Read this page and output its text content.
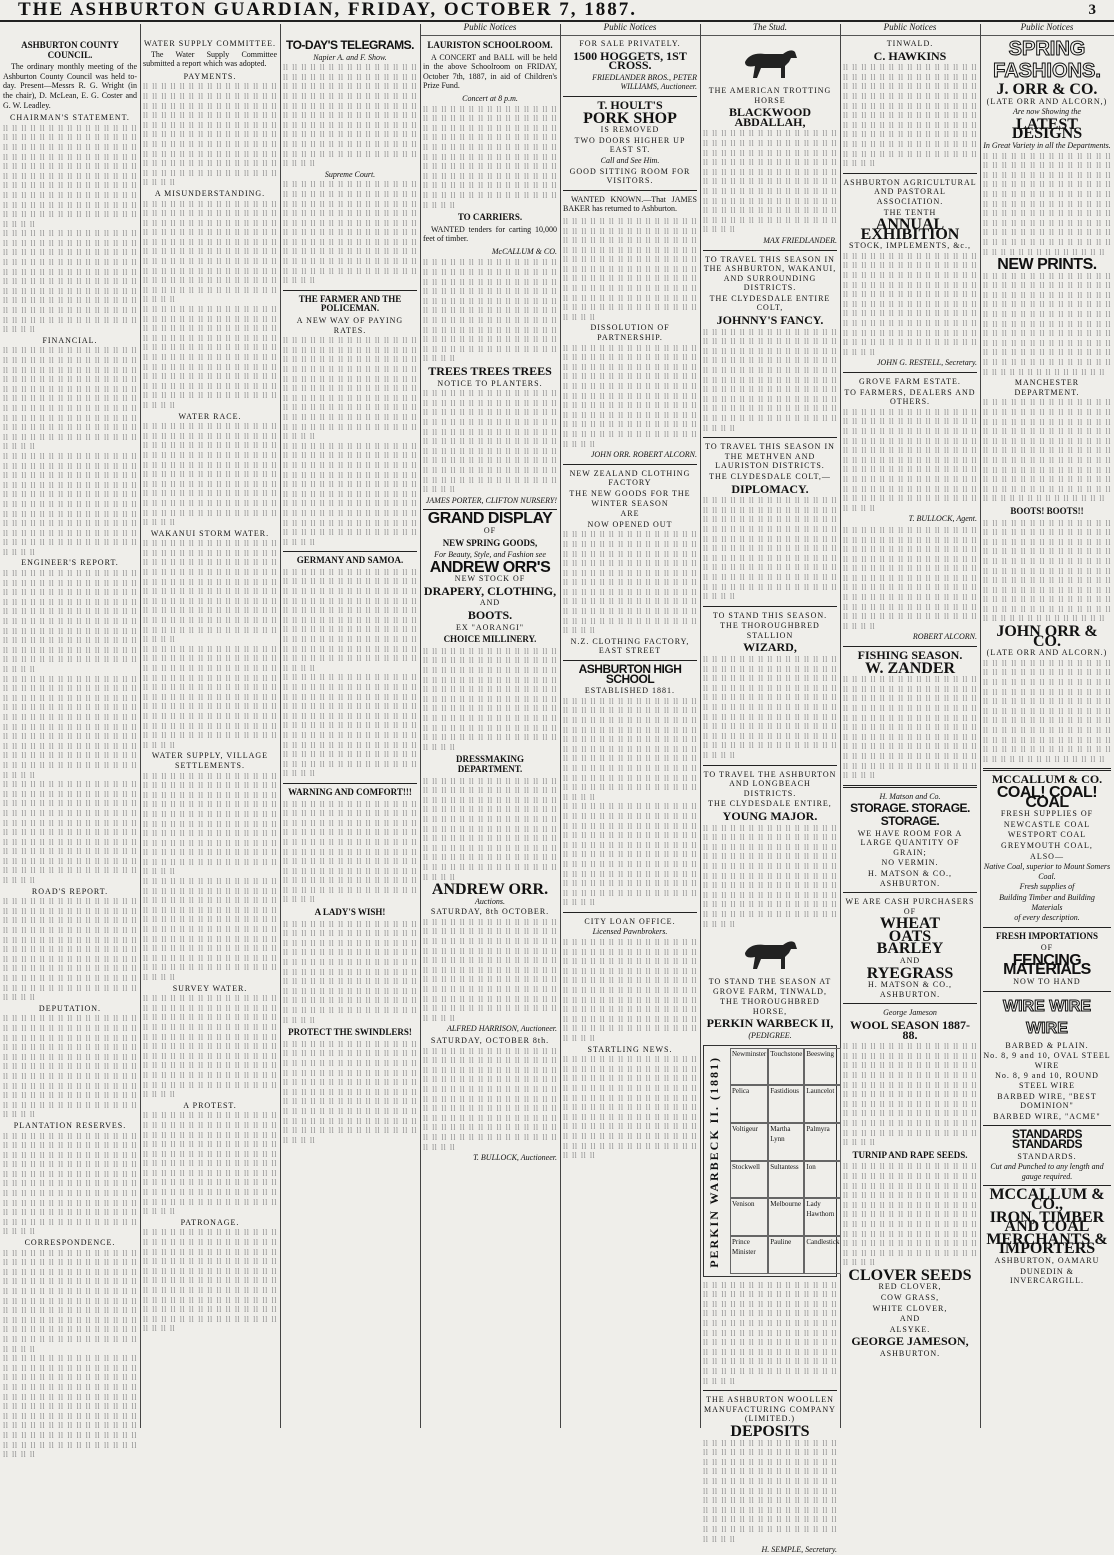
THE ASHBURTON GUARDIAN, FRIDAY, OCTOBER 7, 1887.	3
Public Notices	Public Notices	The Stud.	Public Notices	Public Notices
ASHBURTON COUNTY COUNCIL.
The ordinary monthly meeting of the Ashburton County Council was held to-day. Present—Messrs R. G. Wright (in the chair), D. McLean, E. G. Coster and G. W. Leadley.
CHAIRMAN'S STATEMENT.
ll ll ll ll ll ll ll ll ll ll ll ll ll ll ll ll ll ll ll ll ll ll ll ll ll ll ll ll ll ll ll ll ll ll ll ll ll ll ll ll ll ll ll ll ll ll ll ll ll ll ll ll ll ll ll ll ll ll ll ll ll ll ll ll ll ll ll ll ll ll ll ll ll ll ll ll ll ll ll ll ll ll ll ll ll ll ll ll ll ll ll ll ll ll ll ll ll ll ll ll ll ll ll ll ll ll ll ll ll ll ll ll ll ll ll ll ll ll ll ll ll ll ll ll ll ll ll ll ll ll ll ll ll ll ll ll ll ll ll ll ll ll ll ll ll ll ll ll ll ll ll ll ll ll
ll ll ll ll ll ll ll ll ll ll ll ll ll ll ll ll ll ll ll ll ll ll ll ll ll ll ll ll ll ll ll ll ll ll ll ll ll ll ll ll ll ll ll ll ll ll ll ll ll ll ll ll ll ll ll ll ll ll ll ll ll ll ll ll ll ll ll ll ll ll ll ll ll ll ll ll ll ll ll ll ll ll ll ll ll ll ll ll ll ll ll ll ll ll ll ll ll ll ll ll ll ll ll ll ll ll ll ll ll ll ll ll ll ll ll ll ll ll ll ll ll ll ll ll ll ll ll ll ll ll ll ll ll ll ll ll ll ll ll ll ll ll ll ll ll ll ll ll ll ll ll ll ll ll
FINANCIAL.
ll ll ll ll ll ll ll ll ll ll ll ll ll ll ll ll ll ll ll ll ll ll ll ll ll ll ll ll ll ll ll ll ll ll ll ll ll ll ll ll ll ll ll ll ll ll ll ll ll ll ll ll ll ll ll ll ll ll ll ll ll ll ll ll ll ll ll ll ll ll ll ll ll ll ll ll ll ll ll ll ll ll ll ll ll ll ll ll ll ll ll ll ll ll ll ll ll ll ll ll ll ll ll ll ll ll ll ll ll ll ll ll ll ll ll ll ll ll ll ll ll ll ll ll ll ll ll ll ll ll ll ll ll ll ll ll ll ll ll ll ll ll ll ll ll ll ll ll ll ll ll ll ll ll
ll ll ll ll ll ll ll ll ll ll ll ll ll ll ll ll ll ll ll ll ll ll ll ll ll ll ll ll ll ll ll ll ll ll ll ll ll ll ll ll ll ll ll ll ll ll ll ll ll ll ll ll ll ll ll ll ll ll ll ll ll ll ll ll ll ll ll ll ll ll ll ll ll ll ll ll ll ll ll ll ll ll ll ll ll ll ll ll ll ll ll ll ll ll ll ll ll ll ll ll ll ll ll ll ll ll ll ll ll ll ll ll ll ll ll ll ll ll ll ll ll ll ll ll ll ll ll ll ll ll ll ll ll ll ll ll ll ll ll ll ll ll ll ll ll ll ll ll ll ll ll ll ll ll
ENGINEER'S REPORT.
ll ll ll ll ll ll ll ll ll ll ll ll ll ll ll ll ll ll ll ll ll ll ll ll ll ll ll ll ll ll ll ll ll ll ll ll ll ll ll ll ll ll ll ll ll ll ll ll ll ll ll ll ll ll ll ll ll ll ll ll ll ll ll ll ll ll ll ll ll ll ll ll ll ll ll ll ll ll ll ll ll ll ll ll ll ll ll ll ll ll ll ll ll ll ll ll ll ll ll ll ll ll ll ll ll ll ll ll ll ll ll ll ll ll ll ll ll ll ll ll ll ll ll ll ll ll ll ll ll ll ll ll ll ll ll ll ll ll ll ll ll ll ll ll ll ll ll ll ll ll ll ll ll ll
ll ll ll ll ll ll ll ll ll ll ll ll ll ll ll ll ll ll ll ll ll ll ll ll ll ll ll ll ll ll ll ll ll ll ll ll ll ll ll ll ll ll ll ll ll ll ll ll ll ll ll ll ll ll ll ll ll ll ll ll ll ll ll ll ll ll ll ll ll ll ll ll ll ll ll ll ll ll ll ll ll ll ll ll ll ll ll ll ll ll ll ll ll ll ll ll ll ll ll ll ll ll ll ll ll ll ll ll ll ll ll ll ll ll ll ll ll ll ll ll ll ll ll ll ll ll ll ll ll ll ll ll ll ll ll ll ll ll ll ll ll ll ll ll ll ll ll ll ll ll ll ll ll ll
ll ll ll ll ll ll ll ll ll ll ll ll ll ll ll ll ll ll ll ll ll ll ll ll ll ll ll ll ll ll ll ll ll ll ll ll ll ll ll ll ll ll ll ll ll ll ll ll ll ll ll ll ll ll ll ll ll ll ll ll ll ll ll ll ll ll ll ll ll ll ll ll ll ll ll ll ll ll ll ll ll ll ll ll ll ll ll ll ll ll ll ll ll ll ll ll ll ll ll ll ll ll ll ll ll ll ll ll ll ll ll ll ll ll ll ll ll ll ll ll ll ll ll ll ll ll ll ll ll ll ll ll ll ll ll ll ll ll ll ll ll ll ll ll ll ll ll ll ll ll ll ll ll ll
ROAD'S REPORT.
ll ll ll ll ll ll ll ll ll ll ll ll ll ll ll ll ll ll ll ll ll ll ll ll ll ll ll ll ll ll ll ll ll ll ll ll ll ll ll ll ll ll ll ll ll ll ll ll ll ll ll ll ll ll ll ll ll ll ll ll ll ll ll ll ll ll ll ll ll ll ll ll ll ll ll ll ll ll ll ll ll ll ll ll ll ll ll ll ll ll ll ll ll ll ll ll ll ll ll ll ll ll ll ll ll ll ll ll ll ll ll ll ll ll ll ll ll ll ll ll ll ll ll ll ll ll ll ll ll ll ll ll ll ll ll ll ll ll ll ll ll ll ll ll ll ll ll ll ll ll ll ll ll ll
DEPUTATION.
ll ll ll ll ll ll ll ll ll ll ll ll ll ll ll ll ll ll ll ll ll ll ll ll ll ll ll ll ll ll ll ll ll ll ll ll ll ll ll ll ll ll ll ll ll ll ll ll ll ll ll ll ll ll ll ll ll ll ll ll ll ll ll ll ll ll ll ll ll ll ll ll ll ll ll ll ll ll ll ll ll ll ll ll ll ll ll ll ll ll ll ll ll ll ll ll ll ll ll ll ll ll ll ll ll ll ll ll ll ll ll ll ll ll ll ll ll ll ll ll ll ll ll ll ll ll ll ll ll ll ll ll ll ll ll ll ll ll ll ll ll ll ll ll ll ll ll ll ll ll ll ll ll ll
PLANTATION RESERVES.
ll ll ll ll ll ll ll ll ll ll ll ll ll ll ll ll ll ll ll ll ll ll ll ll ll ll ll ll ll ll ll ll ll ll ll ll ll ll ll ll ll ll ll ll ll ll ll ll ll ll ll ll ll ll ll ll ll ll ll ll ll ll ll ll ll ll ll ll ll ll ll ll ll ll ll ll ll ll ll ll ll ll ll ll ll ll ll ll ll ll ll ll ll ll ll ll ll ll ll ll ll ll ll ll ll ll ll ll ll ll ll ll ll ll ll ll ll ll ll ll ll ll ll ll ll ll ll ll ll ll ll ll ll ll ll ll ll ll ll ll ll ll ll ll ll ll ll ll ll ll ll ll ll ll
CORRESPONDENCE.
ll ll ll ll ll ll ll ll ll ll ll ll ll ll ll ll ll ll ll ll ll ll ll ll ll ll ll ll ll ll ll ll ll ll ll ll ll ll ll ll ll ll ll ll ll ll ll ll ll ll ll ll ll ll ll ll ll ll ll ll ll ll ll ll ll ll ll ll ll ll ll ll ll ll ll ll ll ll ll ll ll ll ll ll ll ll ll ll ll ll ll ll ll ll ll ll ll ll ll ll ll ll ll ll ll ll ll ll ll ll ll ll ll ll ll ll ll ll ll ll ll ll ll ll ll ll ll ll ll ll ll ll ll ll ll ll ll ll ll ll ll ll ll ll ll ll ll ll ll ll ll ll ll ll
ll ll ll ll ll ll ll ll ll ll ll ll ll ll ll ll ll ll ll ll ll ll ll ll ll ll ll ll ll ll ll ll ll ll ll ll ll ll ll ll ll ll ll ll ll ll ll ll ll ll ll ll ll ll ll ll ll ll ll ll ll ll ll ll ll ll ll ll ll ll ll ll ll ll ll ll ll ll ll ll ll ll ll ll ll ll ll ll ll ll ll ll ll ll ll ll ll ll ll ll ll ll ll ll ll ll ll ll ll ll ll ll ll ll ll ll ll ll ll ll ll ll ll ll ll ll ll ll ll ll ll ll ll ll ll ll ll ll ll ll ll ll ll ll ll ll ll ll ll ll ll ll ll ll
WATER SUPPLY COMMITTEE.
The Water Supply Committee submitted a report which was adopted.
PAYMENTS.
ll ll ll ll ll ll ll ll ll ll ll ll ll ll ll ll ll ll ll ll ll ll ll ll ll ll ll ll ll ll ll ll ll ll ll ll ll ll ll ll ll ll ll ll ll ll ll ll ll ll ll ll ll ll ll ll ll ll ll ll ll ll ll ll ll ll ll ll ll ll ll ll ll ll ll ll ll ll ll ll ll ll ll ll ll ll ll ll ll ll ll ll ll ll ll ll ll ll ll ll ll ll ll ll ll ll ll ll ll ll ll ll ll ll ll ll ll ll ll ll ll ll ll ll ll ll ll ll ll ll ll ll ll ll ll ll ll ll ll ll ll ll ll ll ll ll ll ll ll ll ll ll ll ll
A MISUNDERSTANDING.
ll ll ll ll ll ll ll ll ll ll ll ll ll ll ll ll ll ll ll ll ll ll ll ll ll ll ll ll ll ll ll ll ll ll ll ll ll ll ll ll ll ll ll ll ll ll ll ll ll ll ll ll ll ll ll ll ll ll ll ll ll ll ll ll ll ll ll ll ll ll ll ll ll ll ll ll ll ll ll ll ll ll ll ll ll ll ll ll ll ll ll ll ll ll ll ll ll ll ll ll ll ll ll ll ll ll ll ll ll ll ll ll ll ll ll ll ll ll ll ll ll ll ll ll ll ll ll ll ll ll ll ll ll ll ll ll ll ll ll ll ll ll ll ll ll ll ll ll ll ll ll ll ll ll
ll ll ll ll ll ll ll ll ll ll ll ll ll ll ll ll ll ll ll ll ll ll ll ll ll ll ll ll ll ll ll ll ll ll ll ll ll ll ll ll ll ll ll ll ll ll ll ll ll ll ll ll ll ll ll ll ll ll ll ll ll ll ll ll ll ll ll ll ll ll ll ll ll ll ll ll ll ll ll ll ll ll ll ll ll ll ll ll ll ll ll ll ll ll ll ll ll ll ll ll ll ll ll ll ll ll ll ll ll ll ll ll ll ll ll ll ll ll ll ll ll ll ll ll ll ll ll ll ll ll ll ll ll ll ll ll ll ll ll ll ll ll ll ll ll ll ll ll ll ll ll ll ll ll
WATER RACE.
ll ll ll ll ll ll ll ll ll ll ll ll ll ll ll ll ll ll ll ll ll ll ll ll ll ll ll ll ll ll ll ll ll ll ll ll ll ll ll ll ll ll ll ll ll ll ll ll ll ll ll ll ll ll ll ll ll ll ll ll ll ll ll ll ll ll ll ll ll ll ll ll ll ll ll ll ll ll ll ll ll ll ll ll ll ll ll ll ll ll ll ll ll ll ll ll ll ll ll ll ll ll ll ll ll ll ll ll ll ll ll ll ll ll ll ll ll ll ll ll ll ll ll ll ll ll ll ll ll ll ll ll ll ll ll ll ll ll ll ll ll ll ll ll ll ll ll ll ll ll ll ll ll ll
WAKANUI STORM WATER.
ll ll ll ll ll ll ll ll ll ll ll ll ll ll ll ll ll ll ll ll ll ll ll ll ll ll ll ll ll ll ll ll ll ll ll ll ll ll ll ll ll ll ll ll ll ll ll ll ll ll ll ll ll ll ll ll ll ll ll ll ll ll ll ll ll ll ll ll ll ll ll ll ll ll ll ll ll ll ll ll ll ll ll ll ll ll ll ll ll ll ll ll ll ll ll ll ll ll ll ll ll ll ll ll ll ll ll ll ll ll ll ll ll ll ll ll ll ll ll ll ll ll ll ll ll ll ll ll ll ll ll ll ll ll ll ll ll ll ll ll ll ll ll ll ll ll ll ll ll ll ll ll ll ll
ll ll ll ll ll ll ll ll ll ll ll ll ll ll ll ll ll ll ll ll ll ll ll ll ll ll ll ll ll ll ll ll ll ll ll ll ll ll ll ll ll ll ll ll ll ll ll ll ll ll ll ll ll ll ll ll ll ll ll ll ll ll ll ll ll ll ll ll ll ll ll ll ll ll ll ll ll ll ll ll ll ll ll ll ll ll ll ll ll ll ll ll ll ll ll ll ll ll ll ll ll ll ll ll ll ll ll ll ll ll ll ll ll ll ll ll ll ll ll ll ll ll ll ll ll ll ll ll ll ll ll ll ll ll ll ll ll ll ll ll ll ll ll ll ll ll ll ll ll ll ll ll ll ll
WATER SUPPLY, VILLAGE SETTLEMENTS.
ll ll ll ll ll ll ll ll ll ll ll ll ll ll ll ll ll ll ll ll ll ll ll ll ll ll ll ll ll ll ll ll ll ll ll ll ll ll ll ll ll ll ll ll ll ll ll ll ll ll ll ll ll ll ll ll ll ll ll ll ll ll ll ll ll ll ll ll ll ll ll ll ll ll ll ll ll ll ll ll ll ll ll ll ll ll ll ll ll ll ll ll ll ll ll ll ll ll ll ll ll ll ll ll ll ll ll ll ll ll ll ll ll ll ll ll ll ll ll ll ll ll ll ll ll ll ll ll ll ll ll ll ll ll ll ll ll ll ll ll ll ll ll ll ll ll ll ll ll ll ll ll ll ll
ll ll ll ll ll ll ll ll ll ll ll ll ll ll ll ll ll ll ll ll ll ll ll ll ll ll ll ll ll ll ll ll ll ll ll ll ll ll ll ll ll ll ll ll ll ll ll ll ll ll ll ll ll ll ll ll ll ll ll ll ll ll ll ll ll ll ll ll ll ll ll ll ll ll ll ll ll ll ll ll ll ll ll ll ll ll ll ll ll ll ll ll ll ll ll ll ll ll ll ll ll ll ll ll ll ll ll ll ll ll ll ll ll ll ll ll ll ll ll ll ll ll ll ll ll ll ll ll ll ll ll ll ll ll ll ll ll ll ll ll ll ll ll ll ll ll ll ll ll ll ll ll ll ll
SURVEY WATER.
ll ll ll ll ll ll ll ll ll ll ll ll ll ll ll ll ll ll ll ll ll ll ll ll ll ll ll ll ll ll ll ll ll ll ll ll ll ll ll ll ll ll ll ll ll ll ll ll ll ll ll ll ll ll ll ll ll ll ll ll ll ll ll ll ll ll ll ll ll ll ll ll ll ll ll ll ll ll ll ll ll ll ll ll ll ll ll ll ll ll ll ll ll ll ll ll ll ll ll ll ll ll ll ll ll ll ll ll ll ll ll ll ll ll ll ll ll ll ll ll ll ll ll ll ll ll ll ll ll ll ll ll ll ll ll ll ll ll ll ll ll ll ll ll ll ll ll ll ll ll ll ll ll ll
A PROTEST.
ll ll ll ll ll ll ll ll ll ll ll ll ll ll ll ll ll ll ll ll ll ll ll ll ll ll ll ll ll ll ll ll ll ll ll ll ll ll ll ll ll ll ll ll ll ll ll ll ll ll ll ll ll ll ll ll ll ll ll ll ll ll ll ll ll ll ll ll ll ll ll ll ll ll ll ll ll ll ll ll ll ll ll ll ll ll ll ll ll ll ll ll ll ll ll ll ll ll ll ll ll ll ll ll ll ll ll ll ll ll ll ll ll ll ll ll ll ll ll ll ll ll ll ll ll ll ll ll ll ll ll ll ll ll ll ll ll ll ll ll ll ll ll ll ll ll ll ll ll ll ll ll ll ll
PATRONAGE.
ll ll ll ll ll ll ll ll ll ll ll ll ll ll ll ll ll ll ll ll ll ll ll ll ll ll ll ll ll ll ll ll ll ll ll ll ll ll ll ll ll ll ll ll ll ll ll ll ll ll ll ll ll ll ll ll ll ll ll ll ll ll ll ll ll ll ll ll ll ll ll ll ll ll ll ll ll ll ll ll ll ll ll ll ll ll ll ll ll ll ll ll ll ll ll ll ll ll ll ll ll ll ll ll ll ll ll ll ll ll ll ll ll ll ll ll ll ll ll ll ll ll ll ll ll ll ll ll ll ll ll ll ll ll ll ll ll ll ll ll ll ll ll ll ll ll ll ll ll ll ll ll ll ll
TO-DAY'S TELEGRAMS.
Napier A. and F. Show.
ll ll ll ll ll ll ll ll ll ll ll ll ll ll ll ll ll ll ll ll ll ll ll ll ll ll ll ll ll ll ll ll ll ll ll ll ll ll ll ll ll ll ll ll ll ll ll ll ll ll ll ll ll ll ll ll ll ll ll ll ll ll ll ll ll ll ll ll ll ll ll ll ll ll ll ll ll ll ll ll ll ll ll ll ll ll ll ll ll ll ll ll ll ll ll ll ll ll ll ll ll ll ll ll ll ll ll ll ll ll ll ll ll ll ll ll ll ll ll ll ll ll ll ll ll ll ll ll ll ll ll ll ll ll ll ll ll ll ll ll ll ll ll ll ll ll ll ll ll ll ll ll ll ll
Supreme Court.
ll ll ll ll ll ll ll ll ll ll ll ll ll ll ll ll ll ll ll ll ll ll ll ll ll ll ll ll ll ll ll ll ll ll ll ll ll ll ll ll ll ll ll ll ll ll ll ll ll ll ll ll ll ll ll ll ll ll ll ll ll ll ll ll ll ll ll ll ll ll ll ll ll ll ll ll ll ll ll ll ll ll ll ll ll ll ll ll ll ll ll ll ll ll ll ll ll ll ll ll ll ll ll ll ll ll ll ll ll ll ll ll ll ll ll ll ll ll ll ll ll ll ll ll ll ll ll ll ll ll ll ll ll ll ll ll ll ll ll ll ll ll ll ll ll ll ll ll ll ll ll ll ll ll
THE FARMER AND THE POLICEMAN.
A NEW WAY OF PAYING RATES.
ll ll ll ll ll ll ll ll ll ll ll ll ll ll ll ll ll ll ll ll ll ll ll ll ll ll ll ll ll ll ll ll ll ll ll ll ll ll ll ll ll ll ll ll ll ll ll ll ll ll ll ll ll ll ll ll ll ll ll ll ll ll ll ll ll ll ll ll ll ll ll ll ll ll ll ll ll ll ll ll ll ll ll ll ll ll ll ll ll ll ll ll ll ll ll ll ll ll ll ll ll ll ll ll ll ll ll ll ll ll ll ll ll ll ll ll ll ll ll ll ll ll ll ll ll ll ll ll ll ll ll ll ll ll ll ll ll ll ll ll ll ll ll ll ll ll ll ll ll ll ll ll ll ll
ll ll ll ll ll ll ll ll ll ll ll ll ll ll ll ll ll ll ll ll ll ll ll ll ll ll ll ll ll ll ll ll ll ll ll ll ll ll ll ll ll ll ll ll ll ll ll ll ll ll ll ll ll ll ll ll ll ll ll ll ll ll ll ll ll ll ll ll ll ll ll ll ll ll ll ll ll ll ll ll ll ll ll ll ll ll ll ll ll ll ll ll ll ll ll ll ll ll ll ll ll ll ll ll ll ll ll ll ll ll ll ll ll ll ll ll ll ll ll ll ll ll ll ll ll ll ll ll ll ll ll ll ll ll ll ll ll ll ll ll ll ll ll ll ll ll ll ll ll ll ll ll ll ll
GERMANY AND SAMOA.
ll ll ll ll ll ll ll ll ll ll ll ll ll ll ll ll ll ll ll ll ll ll ll ll ll ll ll ll ll ll ll ll ll ll ll ll ll ll ll ll ll ll ll ll ll ll ll ll ll ll ll ll ll ll ll ll ll ll ll ll ll ll ll ll ll ll ll ll ll ll ll ll ll ll ll ll ll ll ll ll ll ll ll ll ll ll ll ll ll ll ll ll ll ll ll ll ll ll ll ll ll ll ll ll ll ll ll ll ll ll ll ll ll ll ll ll ll ll ll ll ll ll ll ll ll ll ll ll ll ll ll ll ll ll ll ll ll ll ll ll ll ll ll ll ll ll ll ll ll ll ll ll ll ll
ll ll ll ll ll ll ll ll ll ll ll ll ll ll ll ll ll ll ll ll ll ll ll ll ll ll ll ll ll ll ll ll ll ll ll ll ll ll ll ll ll ll ll ll ll ll ll ll ll ll ll ll ll ll ll ll ll ll ll ll ll ll ll ll ll ll ll ll ll ll ll ll ll ll ll ll ll ll ll ll ll ll ll ll ll ll ll ll ll ll ll ll ll ll ll ll ll ll ll ll ll ll ll ll ll ll ll ll ll ll ll ll ll ll ll ll ll ll ll ll ll ll ll ll ll ll ll ll ll ll ll ll ll ll ll ll ll ll ll ll ll ll ll ll ll ll ll ll ll ll ll ll ll ll
WARNING AND COMFORT!!!
ll ll ll ll ll ll ll ll ll ll ll ll ll ll ll ll ll ll ll ll ll ll ll ll ll ll ll ll ll ll ll ll ll ll ll ll ll ll ll ll ll ll ll ll ll ll ll ll ll ll ll ll ll ll ll ll ll ll ll ll ll ll ll ll ll ll ll ll ll ll ll ll ll ll ll ll ll ll ll ll ll ll ll ll ll ll ll ll ll ll ll ll ll ll ll ll ll ll ll ll ll ll ll ll ll ll ll ll ll ll ll ll ll ll ll ll ll ll ll ll ll ll ll ll ll ll ll ll ll ll ll ll ll ll ll ll ll ll ll ll ll ll ll ll ll ll ll ll ll ll ll ll ll ll
A LADY'S WISH!
ll ll ll ll ll ll ll ll ll ll ll ll ll ll ll ll ll ll ll ll ll ll ll ll ll ll ll ll ll ll ll ll ll ll ll ll ll ll ll ll ll ll ll ll ll ll ll ll ll ll ll ll ll ll ll ll ll ll ll ll ll ll ll ll ll ll ll ll ll ll ll ll ll ll ll ll ll ll ll ll ll ll ll ll ll ll ll ll ll ll ll ll ll ll ll ll ll ll ll ll ll ll ll ll ll ll ll ll ll ll ll ll ll ll ll ll ll ll ll ll ll ll ll ll ll ll ll ll ll ll ll ll ll ll ll ll ll ll ll ll ll ll ll ll ll ll ll ll ll ll ll ll ll ll
PROTECT THE SWINDLERS!
ll ll ll ll ll ll ll ll ll ll ll ll ll ll ll ll ll ll ll ll ll ll ll ll ll ll ll ll ll ll ll ll ll ll ll ll ll ll ll ll ll ll ll ll ll ll ll ll ll ll ll ll ll ll ll ll ll ll ll ll ll ll ll ll ll ll ll ll ll ll ll ll ll ll ll ll ll ll ll ll ll ll ll ll ll ll ll ll ll ll ll ll ll ll ll ll ll ll ll ll ll ll ll ll ll ll ll ll ll ll ll ll ll ll ll ll ll ll ll ll ll ll ll ll ll ll ll ll ll ll ll ll ll ll ll ll ll ll ll ll ll ll ll ll ll ll ll ll ll ll ll ll ll ll
LAURISTON SCHOOLROOM.
A CONCERT and BALL will be held in the above Schoolroom on FRIDAY, October 7th, 1887, in aid of Children's Prize Fund.
Concert at 8 p.m.
ll ll ll ll ll ll ll ll ll ll ll ll ll ll ll ll ll ll ll ll ll ll ll ll ll ll ll ll ll ll ll ll ll ll ll ll ll ll ll ll ll ll ll ll ll ll ll ll ll ll ll ll ll ll ll ll ll ll ll ll ll ll ll ll ll ll ll ll ll ll ll ll ll ll ll ll ll ll ll ll ll ll ll ll ll ll ll ll ll ll ll ll ll ll ll ll ll ll ll ll ll ll ll ll ll ll ll ll ll ll ll ll ll ll ll ll ll ll ll ll ll ll ll ll ll ll ll ll ll ll ll ll ll ll ll ll ll ll ll ll ll ll ll ll ll ll ll ll ll ll ll ll ll ll
TO CARRIERS.
WANTED tenders for carting 10,000 feet of timber.
McCALLUM & CO.
ll ll ll ll ll ll ll ll ll ll ll ll ll ll ll ll ll ll ll ll ll ll ll ll ll ll ll ll ll ll ll ll ll ll ll ll ll ll ll ll ll ll ll ll ll ll ll ll ll ll ll ll ll ll ll ll ll ll ll ll ll ll ll ll ll ll ll ll ll ll ll ll ll ll ll ll ll ll ll ll ll ll ll ll ll ll ll ll ll ll ll ll ll ll ll ll ll ll ll ll ll ll ll ll ll ll ll ll ll ll ll ll ll ll ll ll ll ll ll ll ll ll ll ll ll ll ll ll ll ll ll ll ll ll ll ll ll ll ll ll ll ll ll ll ll ll ll ll ll ll ll ll ll ll
TREES TREES TREES
NOTICE TO PLANTERS.
ll ll ll ll ll ll ll ll ll ll ll ll ll ll ll ll ll ll ll ll ll ll ll ll ll ll ll ll ll ll ll ll ll ll ll ll ll ll ll ll ll ll ll ll ll ll ll ll ll ll ll ll ll ll ll ll ll ll ll ll ll ll ll ll ll ll ll ll ll ll ll ll ll ll ll ll ll ll ll ll ll ll ll ll ll ll ll ll ll ll ll ll ll ll ll ll ll ll ll ll ll ll ll ll ll ll ll ll ll ll ll ll ll ll ll ll ll ll ll ll ll ll ll ll ll ll ll ll ll ll ll ll ll ll ll ll ll ll ll ll ll ll ll ll ll ll ll ll ll ll ll ll ll ll
JAMES PORTER, CLIFTON NURSERY!
GRAND DISPLAY
OF
NEW SPRING GOODS,
For Beauty, Style, and Fashion see
ANDREW ORR'S
NEW STOCK OF
DRAPERY, CLOTHING,
AND
BOOTS.
EX "AORANGI"
CHOICE MILLINERY.
ll ll ll ll ll ll ll ll ll ll ll ll ll ll ll ll ll ll ll ll ll ll ll ll ll ll ll ll ll ll ll ll ll ll ll ll ll ll ll ll ll ll ll ll ll ll ll ll ll ll ll ll ll ll ll ll ll ll ll ll ll ll ll ll ll ll ll ll ll ll ll ll ll ll ll ll ll ll ll ll ll ll ll ll ll ll ll ll ll ll ll ll ll ll ll ll ll ll ll ll ll ll ll ll ll ll ll ll ll ll ll ll ll ll ll ll ll ll ll ll ll ll ll ll ll ll ll ll ll ll ll ll ll ll ll ll ll ll ll ll ll ll ll ll ll ll ll ll ll ll ll ll ll ll
DRESSMAKING DEPARTMENT.
ll ll ll ll ll ll ll ll ll ll ll ll ll ll ll ll ll ll ll ll ll ll ll ll ll ll ll ll ll ll ll ll ll ll ll ll ll ll ll ll ll ll ll ll ll ll ll ll ll ll ll ll ll ll ll ll ll ll ll ll ll ll ll ll ll ll ll ll ll ll ll ll ll ll ll ll ll ll ll ll ll ll ll ll ll ll ll ll ll ll ll ll ll ll ll ll ll ll ll ll ll ll ll ll ll ll ll ll ll ll ll ll ll ll ll ll ll ll ll ll ll ll ll ll ll ll ll ll ll ll ll ll ll ll ll ll ll ll ll ll ll ll ll ll ll ll ll ll ll ll ll ll ll ll
ANDREW ORR.
Auctions.
SATURDAY, 8th OCTOBER.
ll ll ll ll ll ll ll ll ll ll ll ll ll ll ll ll ll ll ll ll ll ll ll ll ll ll ll ll ll ll ll ll ll ll ll ll ll ll ll ll ll ll ll ll ll ll ll ll ll ll ll ll ll ll ll ll ll ll ll ll ll ll ll ll ll ll ll ll ll ll ll ll ll ll ll ll ll ll ll ll ll ll ll ll ll ll ll ll ll ll ll ll ll ll ll ll ll ll ll ll ll ll ll ll ll ll ll ll ll ll ll ll ll ll ll ll ll ll ll ll ll ll ll ll ll ll ll ll ll ll ll ll ll ll ll ll ll ll ll ll ll ll ll ll ll ll ll ll ll ll ll ll ll ll
ALFRED HARRISON, Auctioneer.
SATURDAY, OCTOBER 8th.
ll ll ll ll ll ll ll ll ll ll ll ll ll ll ll ll ll ll ll ll ll ll ll ll ll ll ll ll ll ll ll ll ll ll ll ll ll ll ll ll ll ll ll ll ll ll ll ll ll ll ll ll ll ll ll ll ll ll ll ll ll ll ll ll ll ll ll ll ll ll ll ll ll ll ll ll ll ll ll ll ll ll ll ll ll ll ll ll ll ll ll ll ll ll ll ll ll ll ll ll ll ll ll ll ll ll ll ll ll ll ll ll ll ll ll ll ll ll ll ll ll ll ll ll ll ll ll ll ll ll ll ll ll ll ll ll ll ll ll ll ll ll ll ll ll ll ll ll ll ll ll ll ll ll
T. BULLOCK, Auctioneer.
FOR SALE PRIVATELY.
1500 HOGGETS, 1ST CROSS.
FRIEDLANDER BROS., PETER WILLIAMS, Auctioneer.
T. HOULT'S
PORK SHOP
IS REMOVED
TWO DOORS HIGHER UP EAST ST.
Call and See Him.
GOOD SITTING ROOM FOR VISITORS.
WANTED KNOWN.—That JAMES BAKER has returned to Ashburton.
ll ll ll ll ll ll ll ll ll ll ll ll ll ll ll ll ll ll ll ll ll ll ll ll ll ll ll ll ll ll ll ll ll ll ll ll ll ll ll ll ll ll ll ll ll ll ll ll ll ll ll ll ll ll ll ll ll ll ll ll ll ll ll ll ll ll ll ll ll ll ll ll ll ll ll ll ll ll ll ll ll ll ll ll ll ll ll ll ll ll ll ll ll ll ll ll ll ll ll ll ll ll ll ll ll ll ll ll ll ll ll ll ll ll ll ll ll ll ll ll ll ll ll ll ll ll ll ll ll ll ll ll ll ll ll ll ll ll ll ll ll ll ll ll ll ll ll ll ll ll ll ll ll ll
DISSOLUTION OF PARTNERSHIP.
ll ll ll ll ll ll ll ll ll ll ll ll ll ll ll ll ll ll ll ll ll ll ll ll ll ll ll ll ll ll ll ll ll ll ll ll ll ll ll ll ll ll ll ll ll ll ll ll ll ll ll ll ll ll ll ll ll ll ll ll ll ll ll ll ll ll ll ll ll ll ll ll ll ll ll ll ll ll ll ll ll ll ll ll ll ll ll ll ll ll ll ll ll ll ll ll ll ll ll ll ll ll ll ll ll ll ll ll ll ll ll ll ll ll ll ll ll ll ll ll ll ll ll ll ll ll ll ll ll ll ll ll ll ll ll ll ll ll ll ll ll ll ll ll ll ll ll ll ll ll ll ll ll ll
JOHN ORR. ROBERT ALCORN.
NEW ZEALAND CLOTHING FACTORY
THE NEW GOODS FOR THE WINTER SEASON
ARE
NOW OPENED OUT
ll ll ll ll ll ll ll ll ll ll ll ll ll ll ll ll ll ll ll ll ll ll ll ll ll ll ll ll ll ll ll ll ll ll ll ll ll ll ll ll ll ll ll ll ll ll ll ll ll ll ll ll ll ll ll ll ll ll ll ll ll ll ll ll ll ll ll ll ll ll ll ll ll ll ll ll ll ll ll ll ll ll ll ll ll ll ll ll ll ll ll ll ll ll ll ll ll ll ll ll ll ll ll ll ll ll ll ll ll ll ll ll ll ll ll ll ll ll ll ll ll ll ll ll ll ll ll ll ll ll ll ll ll ll ll ll ll ll ll ll ll ll ll ll ll ll ll ll ll ll ll ll ll ll
N.Z. CLOTHING FACTORY, EAST STREET
ASHBURTON HIGH SCHOOL
ESTABLISHED 1881.
ll ll ll ll ll ll ll ll ll ll ll ll ll ll ll ll ll ll ll ll ll ll ll ll ll ll ll ll ll ll ll ll ll ll ll ll ll ll ll ll ll ll ll ll ll ll ll ll ll ll ll ll ll ll ll ll ll ll ll ll ll ll ll ll ll ll ll ll ll ll ll ll ll ll ll ll ll ll ll ll ll ll ll ll ll ll ll ll ll ll ll ll ll ll ll ll ll ll ll ll ll ll ll ll ll ll ll ll ll ll ll ll ll ll ll ll ll ll ll ll ll ll ll ll ll ll ll ll ll ll ll ll ll ll ll ll ll ll ll ll ll ll ll ll ll ll ll ll ll ll ll ll ll ll
ll ll ll ll ll ll ll ll ll ll ll ll ll ll ll ll ll ll ll ll ll ll ll ll ll ll ll ll ll ll ll ll ll ll ll ll ll ll ll ll ll ll ll ll ll ll ll ll ll ll ll ll ll ll ll ll ll ll ll ll ll ll ll ll ll ll ll ll ll ll ll ll ll ll ll ll ll ll ll ll ll ll ll ll ll ll ll ll ll ll ll ll ll ll ll ll ll ll ll ll ll ll ll ll ll ll ll ll ll ll ll ll ll ll ll ll ll ll ll ll ll ll ll ll ll ll ll ll ll ll ll ll ll ll ll ll ll ll ll ll ll ll ll ll ll ll ll ll ll ll ll ll ll ll
CITY LOAN OFFICE.
Licensed Pawnbrokers.
ll ll ll ll ll ll ll ll ll ll ll ll ll ll ll ll ll ll ll ll ll ll ll ll ll ll ll ll ll ll ll ll ll ll ll ll ll ll ll ll ll ll ll ll ll ll ll ll ll ll ll ll ll ll ll ll ll ll ll ll ll ll ll ll ll ll ll ll ll ll ll ll ll ll ll ll ll ll ll ll ll ll ll ll ll ll ll ll ll ll ll ll ll ll ll ll ll ll ll ll ll ll ll ll ll ll ll ll ll ll ll ll ll ll ll ll ll ll ll ll ll ll ll ll ll ll ll ll ll ll ll ll ll ll ll ll ll ll ll ll ll ll ll ll ll ll ll ll ll ll ll ll ll ll
STARTLING NEWS.
ll ll ll ll ll ll ll ll ll ll ll ll ll ll ll ll ll ll ll ll ll ll ll ll ll ll ll ll ll ll ll ll ll ll ll ll ll ll ll ll ll ll ll ll ll ll ll ll ll ll ll ll ll ll ll ll ll ll ll ll ll ll ll ll ll ll ll ll ll ll ll ll ll ll ll ll ll ll ll ll ll ll ll ll ll ll ll ll ll ll ll ll ll ll ll ll ll ll ll ll ll ll ll ll ll ll ll ll ll ll ll ll ll ll ll ll ll ll ll ll ll ll ll ll ll ll ll ll ll ll ll ll ll ll ll ll ll ll ll ll ll ll ll ll ll ll ll ll ll ll ll ll ll ll
THE AMERICAN TROTTING HORSE
BLACKWOOD ABDALLAH,
ll ll ll ll ll ll ll ll ll ll ll ll ll ll ll ll ll ll ll ll ll ll ll ll ll ll ll ll ll ll ll ll ll ll ll ll ll ll ll ll ll ll ll ll ll ll ll ll ll ll ll ll ll ll ll ll ll ll ll ll ll ll ll ll ll ll ll ll ll ll ll ll ll ll ll ll ll ll ll ll ll ll ll ll ll ll ll ll ll ll ll ll ll ll ll ll ll ll ll ll ll ll ll ll ll ll ll ll ll ll ll ll ll ll ll ll ll ll ll ll ll ll ll ll ll ll ll ll ll ll ll ll ll ll ll ll ll ll ll ll ll ll ll ll ll ll ll ll ll ll ll ll ll ll
MAX FRIEDLANDER.
TO TRAVEL THIS SEASON IN THE ASHBURTON, WAKANUI, AND SURROUNDING DISTRICTS.
THE CLYDESDALE ENTIRE COLT,
JOHNNY'S FANCY.
ll ll ll ll ll ll ll ll ll ll ll ll ll ll ll ll ll ll ll ll ll ll ll ll ll ll ll ll ll ll ll ll ll ll ll ll ll ll ll ll ll ll ll ll ll ll ll ll ll ll ll ll ll ll ll ll ll ll ll ll ll ll ll ll ll ll ll ll ll ll ll ll ll ll ll ll ll ll ll ll ll ll ll ll ll ll ll ll ll ll ll ll ll ll ll ll ll ll ll ll ll ll ll ll ll ll ll ll ll ll ll ll ll ll ll ll ll ll ll ll ll ll ll ll ll ll ll ll ll ll ll ll ll ll ll ll ll ll ll ll ll ll ll ll ll ll ll ll ll ll ll ll ll ll
TO TRAVEL THIS SEASON IN THE METHVEN AND LAURISTON DISTRICTS.
THE CLYDESDALE COLT,—
DIPLOMACY.
ll ll ll ll ll ll ll ll ll ll ll ll ll ll ll ll ll ll ll ll ll ll ll ll ll ll ll ll ll ll ll ll ll ll ll ll ll ll ll ll ll ll ll ll ll ll ll ll ll ll ll ll ll ll ll ll ll ll ll ll ll ll ll ll ll ll ll ll ll ll ll ll ll ll ll ll ll ll ll ll ll ll ll ll ll ll ll ll ll ll ll ll ll ll ll ll ll ll ll ll ll ll ll ll ll ll ll ll ll ll ll ll ll ll ll ll ll ll ll ll ll ll ll ll ll ll ll ll ll ll ll ll ll ll ll ll ll ll ll ll ll ll ll ll ll ll ll ll ll ll ll ll ll ll
TO STAND THIS SEASON.
THE THOROUGHBRED STALLION
WIZARD,
ll ll ll ll ll ll ll ll ll ll ll ll ll ll ll ll ll ll ll ll ll ll ll ll ll ll ll ll ll ll ll ll ll ll ll ll ll ll ll ll ll ll ll ll ll ll ll ll ll ll ll ll ll ll ll ll ll ll ll ll ll ll ll ll ll ll ll ll ll ll ll ll ll ll ll ll ll ll ll ll ll ll ll ll ll ll ll ll ll ll ll ll ll ll ll ll ll ll ll ll ll ll ll ll ll ll ll ll ll ll ll ll ll ll ll ll ll ll ll ll ll ll ll ll ll ll ll ll ll ll ll ll ll ll ll ll ll ll ll ll ll ll ll ll ll ll ll ll ll ll ll ll ll ll
TO TRAVEL THE ASHBURTON AND LONGBEACH DISTRICTS.
THE CLYDESDALE ENTIRE,
YOUNG MAJOR.
ll ll ll ll ll ll ll ll ll ll ll ll ll ll ll ll ll ll ll ll ll ll ll ll ll ll ll ll ll ll ll ll ll ll ll ll ll ll ll ll ll ll ll ll ll ll ll ll ll ll ll ll ll ll ll ll ll ll ll ll ll ll ll ll ll ll ll ll ll ll ll ll ll ll ll ll ll ll ll ll ll ll ll ll ll ll ll ll ll ll ll ll ll ll ll ll ll ll ll ll ll ll ll ll ll ll ll ll ll ll ll ll ll ll ll ll ll ll ll ll ll ll ll ll ll ll ll ll ll ll ll ll ll ll ll ll ll ll ll ll ll ll ll ll ll ll ll ll ll ll ll ll ll ll
TO STAND THE SEASON AT GROVE FARM, TINWALD,
THE THOROUGHBRED HORSE,
PERKIN WARBECK II,
(PEDIGREE.
PERKIN WARBECK II. (1881)
Newminster Touchstone Beeswing
Pelica	Fastidious	Launcelot
Voltigeur	Martha Lynn
Palmyra
Stockwell	Sultantess	Ion
Venison	Melbourne Lady Hawthorn
Prince Minister
Pauline	Candlestick
ll ll ll ll ll ll ll ll ll ll ll ll ll ll ll ll ll ll ll ll ll ll ll ll ll ll ll ll ll ll ll ll ll ll ll ll ll ll ll ll ll ll ll ll ll ll ll ll ll ll ll ll ll ll ll ll ll ll ll ll ll ll ll ll ll ll ll ll ll ll ll ll ll ll ll ll ll ll ll ll ll ll ll ll ll ll ll ll ll ll ll ll ll ll ll ll ll ll ll ll ll ll ll ll ll ll ll ll ll ll ll ll ll ll ll ll ll ll ll ll ll ll ll ll ll ll ll ll ll ll ll ll ll ll ll ll ll ll ll ll ll ll ll ll ll ll ll ll ll ll ll ll ll ll
THE ASHBURTON WOOLLEN MANUFACTURING COMPANY (LIMITED.)
DEPOSITS
ll ll ll ll ll ll ll ll ll ll ll ll ll ll ll ll ll ll ll ll ll ll ll ll ll ll ll ll ll ll ll ll ll ll ll ll ll ll ll ll ll ll ll ll ll ll ll ll ll ll ll ll ll ll ll ll ll ll ll ll ll ll ll ll ll ll ll ll ll ll ll ll ll ll ll ll ll ll ll ll ll ll ll ll ll ll ll ll ll ll ll ll ll ll ll ll ll ll ll ll ll ll ll ll ll ll ll ll ll ll ll ll ll ll ll ll ll ll ll ll ll ll ll ll ll ll ll ll ll ll ll ll ll ll ll ll ll ll ll ll ll ll ll ll ll ll ll ll ll ll ll ll ll ll
H. SEMPLE, Secretary.
TINWALD.
C. HAWKINS
ll ll ll ll ll ll ll ll ll ll ll ll ll ll ll ll ll ll ll ll ll ll ll ll ll ll ll ll ll ll ll ll ll ll ll ll ll ll ll ll ll ll ll ll ll ll ll ll ll ll ll ll ll ll ll ll ll ll ll ll ll ll ll ll ll ll ll ll ll ll ll ll ll ll ll ll ll ll ll ll ll ll ll ll ll ll ll ll ll ll ll ll ll ll ll ll ll ll ll ll ll ll ll ll ll ll ll ll ll ll ll ll ll ll ll ll ll ll ll ll ll ll ll ll ll ll ll ll ll ll ll ll ll ll ll ll ll ll ll ll ll ll ll ll ll ll ll ll ll ll ll ll ll ll
ASHBURTON AGRICULTURAL AND PASTORAL ASSOCIATION.
THE TENTH
ANNUAL EXHIBITION
STOCK, IMPLEMENTS, &c.,
ll ll ll ll ll ll ll ll ll ll ll ll ll ll ll ll ll ll ll ll ll ll ll ll ll ll ll ll ll ll ll ll ll ll ll ll ll ll ll ll ll ll ll ll ll ll ll ll ll ll ll ll ll ll ll ll ll ll ll ll ll ll ll ll ll ll ll ll ll ll ll ll ll ll ll ll ll ll ll ll ll ll ll ll ll ll ll ll ll ll ll ll ll ll ll ll ll ll ll ll ll ll ll ll ll ll ll ll ll ll ll ll ll ll ll ll ll ll ll ll ll ll ll ll ll ll ll ll ll ll ll ll ll ll ll ll ll ll ll ll ll ll ll ll ll ll ll ll ll ll ll ll ll ll
JOHN G. RESTELL, Secretary.
GROVE FARM ESTATE.
TO FARMERS, DEALERS AND OTHERS.
ll ll ll ll ll ll ll ll ll ll ll ll ll ll ll ll ll ll ll ll ll ll ll ll ll ll ll ll ll ll ll ll ll ll ll ll ll ll ll ll ll ll ll ll ll ll ll ll ll ll ll ll ll ll ll ll ll ll ll ll ll ll ll ll ll ll ll ll ll ll ll ll ll ll ll ll ll ll ll ll ll ll ll ll ll ll ll ll ll ll ll ll ll ll ll ll ll ll ll ll ll ll ll ll ll ll ll ll ll ll ll ll ll ll ll ll ll ll ll ll ll ll ll ll ll ll ll ll ll ll ll ll ll ll ll ll ll ll ll ll ll ll ll ll ll ll ll ll ll ll ll ll ll ll
T. BULLOCK, Agent.
ll ll ll ll ll ll ll ll ll ll ll ll ll ll ll ll ll ll ll ll ll ll ll ll ll ll ll ll ll ll ll ll ll ll ll ll ll ll ll ll ll ll ll ll ll ll ll ll ll ll ll ll ll ll ll ll ll ll ll ll ll ll ll ll ll ll ll ll ll ll ll ll ll ll ll ll ll ll ll ll ll ll ll ll ll ll ll ll ll ll ll ll ll ll ll ll ll ll ll ll ll ll ll ll ll ll ll ll ll ll ll ll ll ll ll ll ll ll ll ll ll ll ll ll ll ll ll ll ll ll ll ll ll ll ll ll ll ll ll ll ll ll ll ll ll ll ll ll ll ll ll ll ll ll
ROBERT ALCORN.
FISHING SEASON.
W. ZANDER
ll ll ll ll ll ll ll ll ll ll ll ll ll ll ll ll ll ll ll ll ll ll ll ll ll ll ll ll ll ll ll ll ll ll ll ll ll ll ll ll ll ll ll ll ll ll ll ll ll ll ll ll ll ll ll ll ll ll ll ll ll ll ll ll ll ll ll ll ll ll ll ll ll ll ll ll ll ll ll ll ll ll ll ll ll ll ll ll ll ll ll ll ll ll ll ll ll ll ll ll ll ll ll ll ll ll ll ll ll ll ll ll ll ll ll ll ll ll ll ll ll ll ll ll ll ll ll ll ll ll ll ll ll ll ll ll ll ll ll ll ll ll ll ll ll ll ll ll ll ll ll ll ll ll
H. Matson and Co.
STORAGE. STORAGE.
STORAGE.
WE HAVE ROOM FOR A LARGE QUANTITY OF GRAIN;
NO VERMIN.
H. MATSON & CO., ASHBURTON.
WE ARE CASH PURCHASERS OF
WHEAT
OATS
BARLEY
AND
RYEGRASS
H. MATSON & CO., ASHBURTON.
George Jameson
WOOL SEASON 1887-88.
ll ll ll ll ll ll ll ll ll ll ll ll ll ll ll ll ll ll ll ll ll ll ll ll ll ll ll ll ll ll ll ll ll ll ll ll ll ll ll ll ll ll ll ll ll ll ll ll ll ll ll ll ll ll ll ll ll ll ll ll ll ll ll ll ll ll ll ll ll ll ll ll ll ll ll ll ll ll ll ll ll ll ll ll ll ll ll ll ll ll ll ll ll ll ll ll ll ll ll ll ll ll ll ll ll ll ll ll ll ll ll ll ll ll ll ll ll ll ll ll ll ll ll ll ll ll ll ll ll ll ll ll ll ll ll ll ll ll ll ll ll ll ll ll ll ll ll ll ll ll ll ll ll ll
TURNIP AND RAPE SEEDS.
ll ll ll ll ll ll ll ll ll ll ll ll ll ll ll ll ll ll ll ll ll ll ll ll ll ll ll ll ll ll ll ll ll ll ll ll ll ll ll ll ll ll ll ll ll ll ll ll ll ll ll ll ll ll ll ll ll ll ll ll ll ll ll ll ll ll ll ll ll ll ll ll ll ll ll ll ll ll ll ll ll ll ll ll ll ll ll ll ll ll ll ll ll ll ll ll ll ll ll ll ll ll ll ll ll ll ll ll ll ll ll ll ll ll ll ll ll ll ll ll ll ll ll ll ll ll ll ll ll ll ll ll ll ll ll ll ll ll ll ll ll ll ll ll ll ll ll ll ll ll ll ll ll ll
CLOVER SEEDS
RED CLOVER,
COW GRASS,
WHITE CLOVER,
AND
ALSYKE.
GEORGE JAMESON,
ASHBURTON.
SPRING FASHIONS.
J. ORR & CO.
(LATE ORR AND ALCORN,)
Are now Showing the
LATEST DESIGNS
In Great Variety in all the Departments.
ll ll ll ll ll ll ll ll ll ll ll ll ll ll ll ll ll ll ll ll ll ll ll ll ll ll ll ll ll ll ll ll ll ll ll ll ll ll ll ll ll ll ll ll ll ll ll ll ll ll ll ll ll ll ll ll ll ll ll ll ll ll ll ll ll ll ll ll ll ll ll ll ll ll ll ll ll ll ll ll ll ll ll ll ll ll ll ll ll ll ll ll ll ll ll ll ll ll ll ll ll ll ll ll ll ll ll ll ll ll ll ll ll ll ll ll ll ll ll ll ll ll ll ll ll ll ll ll ll ll ll ll ll ll ll ll ll ll ll ll ll ll ll ll ll ll ll ll ll ll ll ll ll ll
NEW PRINTS.
ll ll ll ll ll ll ll ll ll ll ll ll ll ll ll ll ll ll ll ll ll ll ll ll ll ll ll ll ll ll ll ll ll ll ll ll ll ll ll ll ll ll ll ll ll ll ll ll ll ll ll ll ll ll ll ll ll ll ll ll ll ll ll ll ll ll ll ll ll ll ll ll ll ll ll ll ll ll ll ll ll ll ll ll ll ll ll ll ll ll ll ll ll ll ll ll ll ll ll ll ll ll ll ll ll ll ll ll ll ll ll ll ll ll ll ll ll ll ll ll ll ll ll ll ll ll ll ll ll ll ll ll ll ll ll ll ll ll ll ll ll ll ll ll ll ll ll ll ll ll ll ll ll ll
MANCHESTER DEPARTMENT.
ll ll ll ll ll ll ll ll ll ll ll ll ll ll ll ll ll ll ll ll ll ll ll ll ll ll ll ll ll ll ll ll ll ll ll ll ll ll ll ll ll ll ll ll ll ll ll ll ll ll ll ll ll ll ll ll ll ll ll ll ll ll ll ll ll ll ll ll ll ll ll ll ll ll ll ll ll ll ll ll ll ll ll ll ll ll ll ll ll ll ll ll ll ll ll ll ll ll ll ll ll ll ll ll ll ll ll ll ll ll ll ll ll ll ll ll ll ll ll ll ll ll ll ll ll ll ll ll ll ll ll ll ll ll ll ll ll ll ll ll ll ll ll ll ll ll ll ll ll ll ll ll ll ll
BOOTS! BOOTS!!
ll ll ll ll ll ll ll ll ll ll ll ll ll ll ll ll ll ll ll ll ll ll ll ll ll ll ll ll ll ll ll ll ll ll ll ll ll ll ll ll ll ll ll ll ll ll ll ll ll ll ll ll ll ll ll ll ll ll ll ll ll ll ll ll ll ll ll ll ll ll ll ll ll ll ll ll ll ll ll ll ll ll ll ll ll ll ll ll ll ll ll ll ll ll ll ll ll ll ll ll ll ll ll ll ll ll ll ll ll ll ll ll ll ll ll ll ll ll ll ll ll ll ll ll ll ll ll ll ll ll ll ll ll ll ll ll ll ll ll ll ll ll ll ll ll ll ll ll ll ll ll ll ll ll
JOHN ORR & CO.
(LATE ORR AND ALCORN.)
ll ll ll ll ll ll ll ll ll ll ll ll ll ll ll ll ll ll ll ll ll ll ll ll ll ll ll ll ll ll ll ll ll ll ll ll ll ll ll ll ll ll ll ll ll ll ll ll ll ll ll ll ll ll ll ll ll ll ll ll ll ll ll ll ll ll ll ll ll ll ll ll ll ll ll ll ll ll ll ll ll ll ll ll ll ll ll ll ll ll ll ll ll ll ll ll ll ll ll ll ll ll ll ll ll ll ll ll ll ll ll ll ll ll ll ll ll ll ll ll ll ll ll ll ll ll ll ll ll ll ll ll ll ll ll ll ll ll ll ll ll ll ll ll ll ll ll ll ll ll ll ll ll ll
MCCALLUM & CO.
COAL! COAL! COAL
FRESH SUPPLIES OF
NEWCASTLE COAL
WESTPORT COAL
GREYMOUTH COAL,
ALSO—
Native Coal, superior to Mount Somers Coal.
Fresh supplies of
Building Timber and Building Materials
of every description.
FRESH IMPORTATIONS
OF
FENCING MATERIALS
NOW TO HAND
WIRE WIRE WIRE
BARBED & PLAIN.
No. 8, 9 and 10, OVAL STEEL WIRE
No. 8, 9 and 10, ROUND STEEL WIRE
BARBED WIRE, "BEST DOMINION"
BARBED WIRE, "ACME"
STANDARDS STANDARDS
STANDARDS.
Cut and Punched to any length and gauge required.
MCCALLUM & CO.,
IRON, TIMBER AND COAL
MERCHANTS & IMPORTERS
ASHBURTON, OAMARU
DUNEDIN & INVERCARGILL.
